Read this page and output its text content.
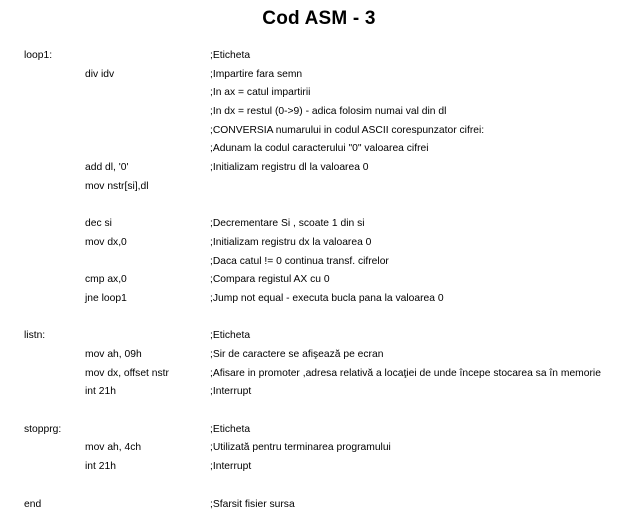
Cod ASM - 3
loop1:	;Eticheta
div idv	;Impartire fara semn
;In ax = catul impartirii
;In dx = restul (0->9) - adica folosim numai val din dl
;CONVERSIA numarului in codul ASCII corespunzator cifrei:
;Adunam la codul caracterului "0" valoarea cifrei
add dl, '0'	;Initializam registru dl la valoarea 0
mov nstr[si],dl
dec si	;Decrementare Si , scoate 1 din si
mov dx,0	;Initializam registru dx la valoarea 0
;Daca catul != 0 continua transf. cifrelor
cmp ax,0	;Compara registul AX cu 0
jne loop1	;Jump not equal - executa bucla pana la valoarea 0
listn:	;Eticheta
mov ah, 09h	;Sir de caractere se afişează pe ecran
mov dx, offset nstr	;Afisare in promoter ,adresa relativă a locaţiei de unde începe stocarea sa în memorie
int 21h	;Interrupt
stopprg:	;Eticheta
mov ah, 4ch	;Utilizată pentru terminarea programului
int 21h	;Interrupt
end	;Sfarsit fisier sursa
